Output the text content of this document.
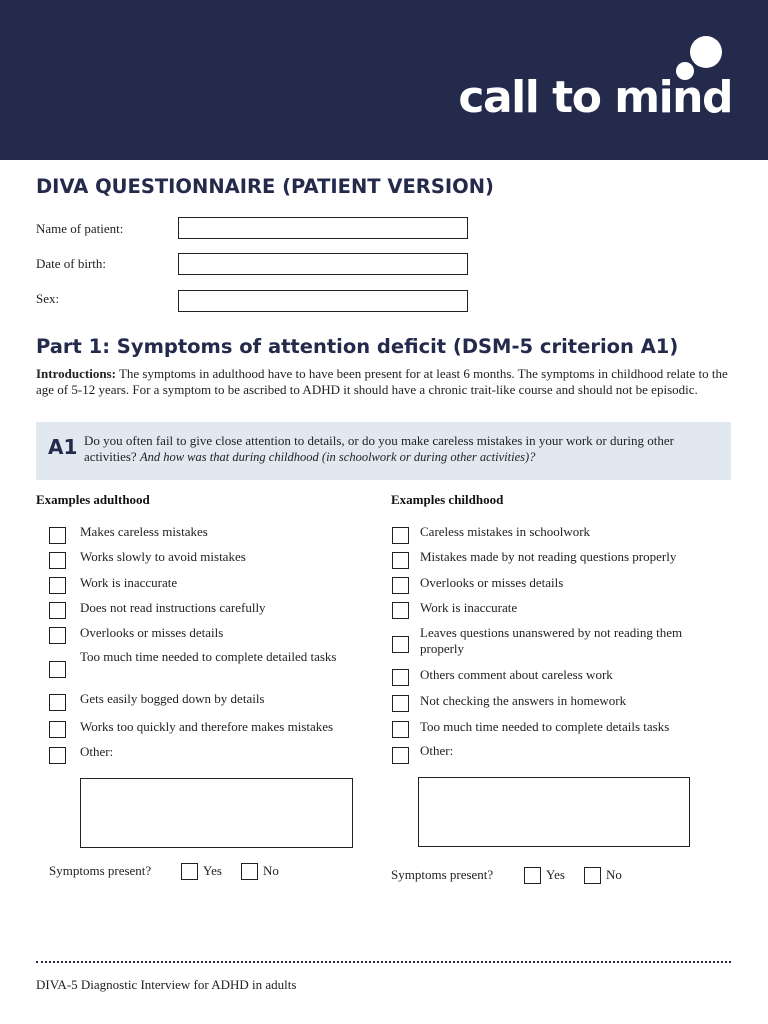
call to mind
DIVA QUESTIONNAIRE (PATIENT VERSION)
Name of patient:
Date of birth:
Sex:
Part 1: Symptoms of attention deficit (DSM-5 criterion A1)
Introductions: The symptoms in adulthood have to have been present for at least 6 months. The symptoms in childhood relate to the age of 5-12 years. For a symptom to be ascribed to ADHD it should have a chronic trait-like course and should not be episodic.
A1 Do you often fail to give close attention to details, or do you make careless mistakes in your work or during other activities? And how was that during childhood (in schoolwork or during other activities)?
Examples adulthood	Examples childhood
Makes careless mistakes
Works slowly to avoid mistakes
Work is inaccurate
Does not read instructions carefully
Overlooks or misses details
Too much time needed to complete detailed tasks
Gets easily bogged down by details
Works too quickly and therefore makes mistakes
Other:
Symptoms present?	Yes	No
Careless mistakes in schoolwork
Mistakes made by not reading questions properly
Overlooks or misses details
Work is inaccurate
Leaves questions unanswered by not reading them properly
Others comment about careless work
Not checking the answers in homework
Too much time needed to complete details tasks
Other:
Symptoms present?	Yes	No
DIVA-5 Diagnostic Interview for ADHD in adults
